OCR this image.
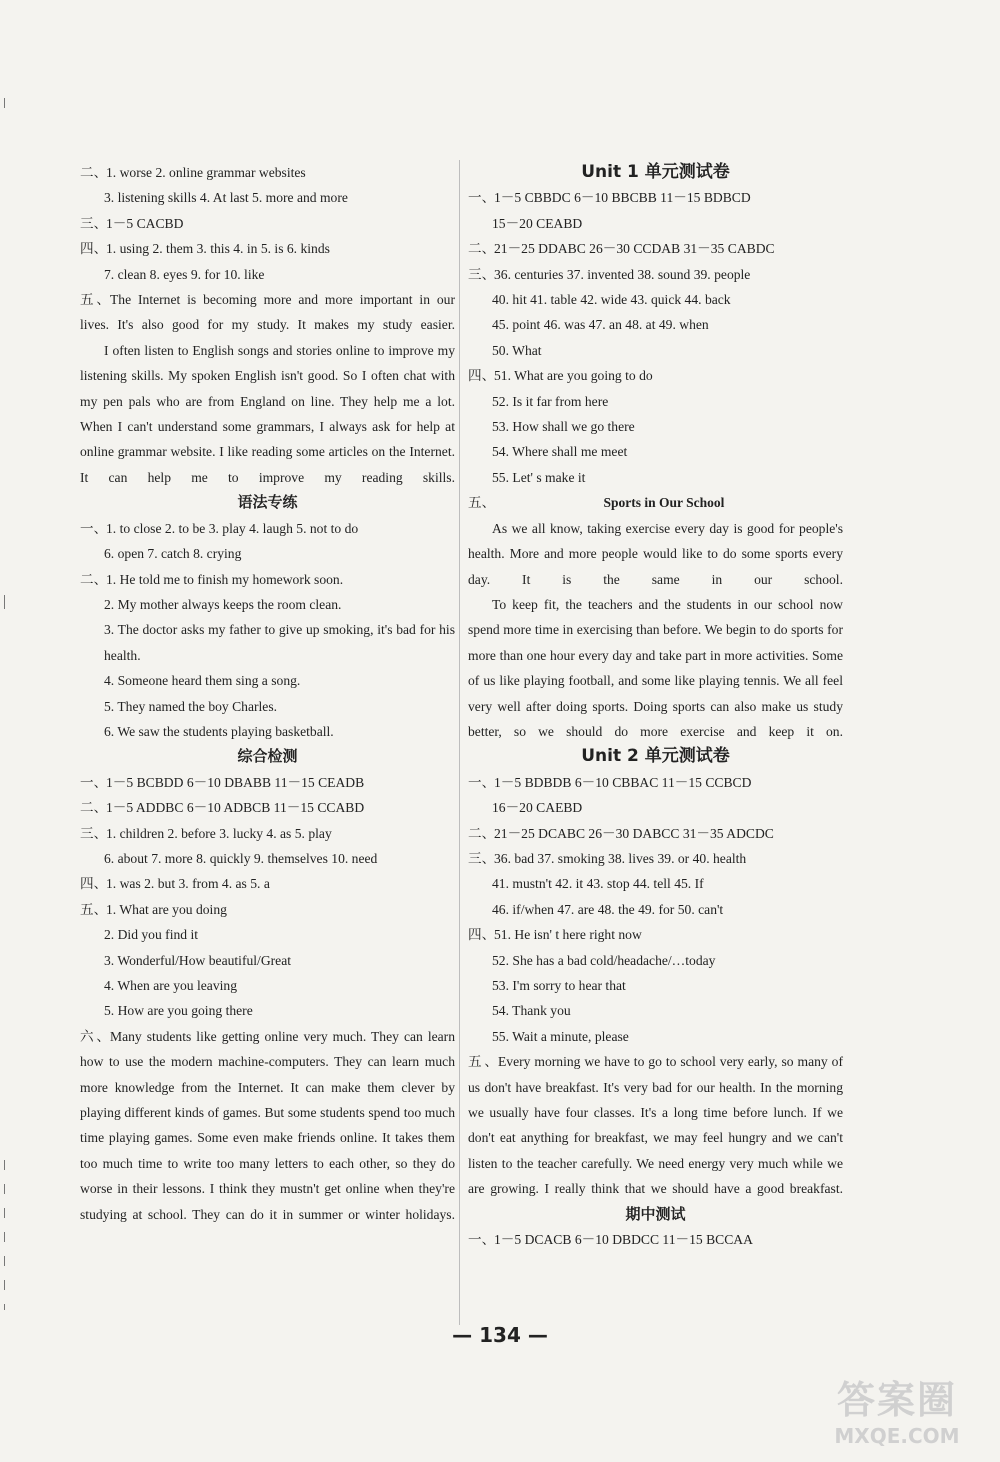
二、1. worse 2. online grammar websites
3. listening skills 4. At last 5. more and more
三、1－5 CACBD
四、1. using 2. them 3. this 4. in 5. is 6. kinds
7. clean 8. eyes 9. for 10. like
五、The Internet is becoming more and more important in our lives. It's also good for my study. It makes my study easier.
I often listen to English songs and stories online to improve my listening skills. My spoken English isn't good. So I often chat with my pen pals who are from England on line. They help me a lot. When I can't understand some grammars, I always ask for help at online grammar website. I like reading some articles on the Internet. It can help me to improve my reading skills.
语法专练
一、1. to close 2. to be 3. play 4. laugh 5. not to do
6. open 7. catch 8. crying
二、1. He told me to finish my homework soon.
2. My mother always keeps the room clean.
3. The doctor asks my father to give up smoking, it's bad for his health.
4. Someone heard them sing a song.
5. They named the boy Charles.
6. We saw the students playing basketball.
综合检测
一、1－5 BCBDD 6－10 DBABB 11－15 CEADB
二、1－5 ADDBC 6－10 ADBCB 11－15 CCABD
三、1. children 2. before 3. lucky 4. as 5. play
6. about 7. more 8. quickly 9. themselves 10. need
四、1. was 2. but 3. from 4. as 5. a
五、1. What are you doing
2. Did you find it
3. Wonderful/How beautiful/Great
4. When are you leaving
5. How are you going there
六、Many students like getting online very much. They can learn how to use the modern machine-computers. They can learn much more knowledge from the Internet. It can make them clever by playing different kinds of games. But some students spend too much time playing games. Some even make friends online. It takes them too much time to write too many letters to each other, so they do worse in their lessons. I think they mustn't get online when they're studying at school. They can do it in summer or winter holidays.
Unit 1 单元测试卷
一、1－5 CBBDC 6－10 BBCBB 11－15 BDBCD
15－20 CEABD
二、21－25 DDABC 26－30 CCDAB 31－35 CABDC
三、36. centuries 37. invented 38. sound 39. people
40. hit 41. table 42. wide 43. quick 44. back
45. point 46. was 47. an 48. at 49. when
50. What
四、51. What are you going to do
52. Is it far from here
53. How shall we go there
54. Where shall me meet
55. Let' s make it
五、	Sports in Our School
As we all know, taking exercise every day is good for people's health. More and more people would like to do some sports every day. It is the same in our school.
To keep fit, the teachers and the students in our school now spend more time in exercising than before. We begin to do sports for more than one hour every day and take part in more activities. Some of us like playing football, and some like playing tennis. We all feel very well after doing sports. Doing sports can also make us study better, so we should do more exercise and keep it on.
Unit 2 单元测试卷
一、1－5 BDBDB 6－10 CBBAC 11－15 CCBCD
16－20 CAEBD
二、21－25 DCABC 26－30 DABCC 31－35 ADCDC
三、36. bad 37. smoking 38. lives 39. or 40. health
41. mustn't 42. it 43. stop 44. tell 45. If
46. if/when 47. are 48. the 49. for 50. can't
四、51. He isn' t here right now
52. She has a bad cold/headache/…today
53. I'm sorry to hear that
54. Thank you
55. Wait a minute, please
五、Every morning we have to go to school very early, so many of us don't have breakfast. It's very bad for our health. In the morning we usually have four classes. It's a long time before lunch. If we don't eat anything for breakfast, we may feel hungry and we can't listen to the teacher carefully. We need energy very much while we are growing. I really think that we should have a good breakfast.
期中测试
一、1－5 DCACB 6－10 DBDCC 11－15 BCCAA
— 134 —
答案圈
MXQE.COM
